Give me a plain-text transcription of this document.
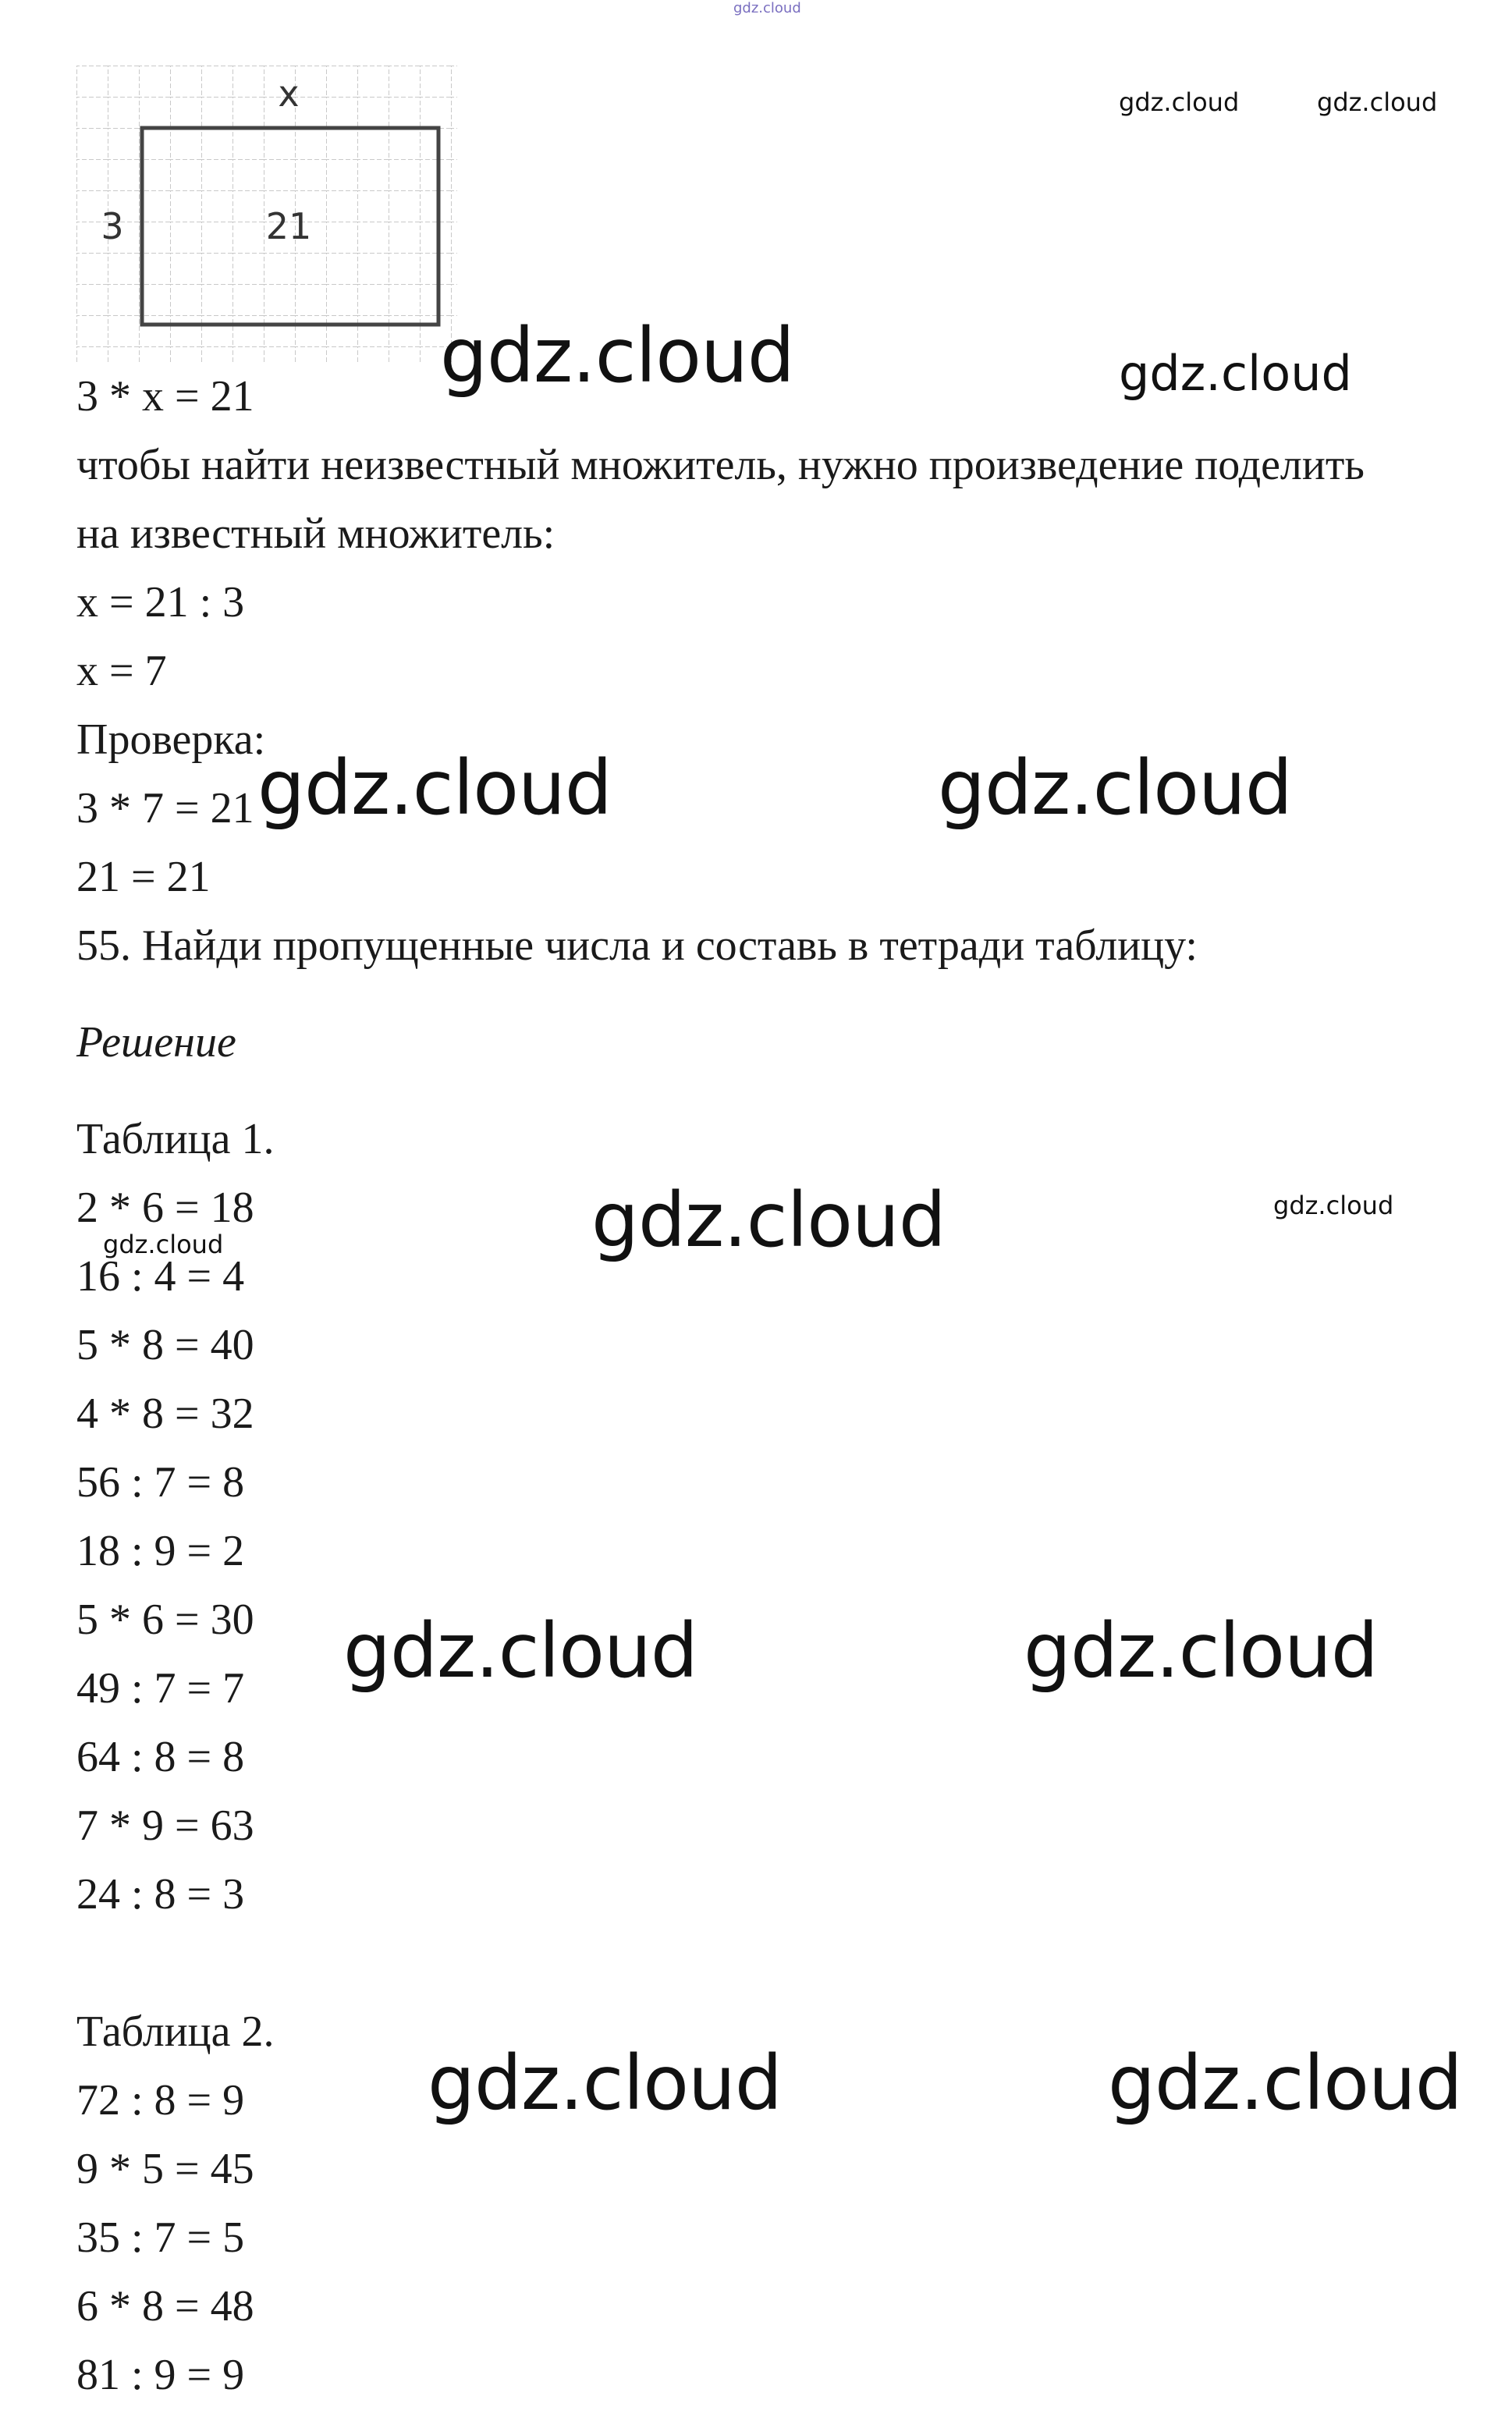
gdz.cloud
x
3	21
3 * x = 21
чтобы найти неизвестный множитель, нужно произведение поделить
на известный множитель:
x = 21 : 3
x = 7
Проверка:
3 * 7 = 21
21 = 21
55. Найди пропущенные числа и составь в тетради таблицу:
Решение
Таблица 1.
2 * 6 = 18
16 : 4 = 4
5 * 8 = 40
4 * 8 = 32
56 : 7 = 8
18 : 9 = 2
5 * 6 = 30
49 : 7 = 7
64 : 8 = 8
7 * 9 = 63
24 : 8 = 3
Таблица 2.
72 : 8 = 9
9 * 5 = 45
35 : 7 = 5
6 * 8 = 48
81 : 9 = 9
gdz.cloud	gdz.cloud
gdz.cloud	gdz.cloud
gdz.cloud	gdz.cloud
gdz.cloud	gdz.cloud
gdz.cloud
gdz.cloud	gdz.cloud
gdz.cloud	gdz.cloud
